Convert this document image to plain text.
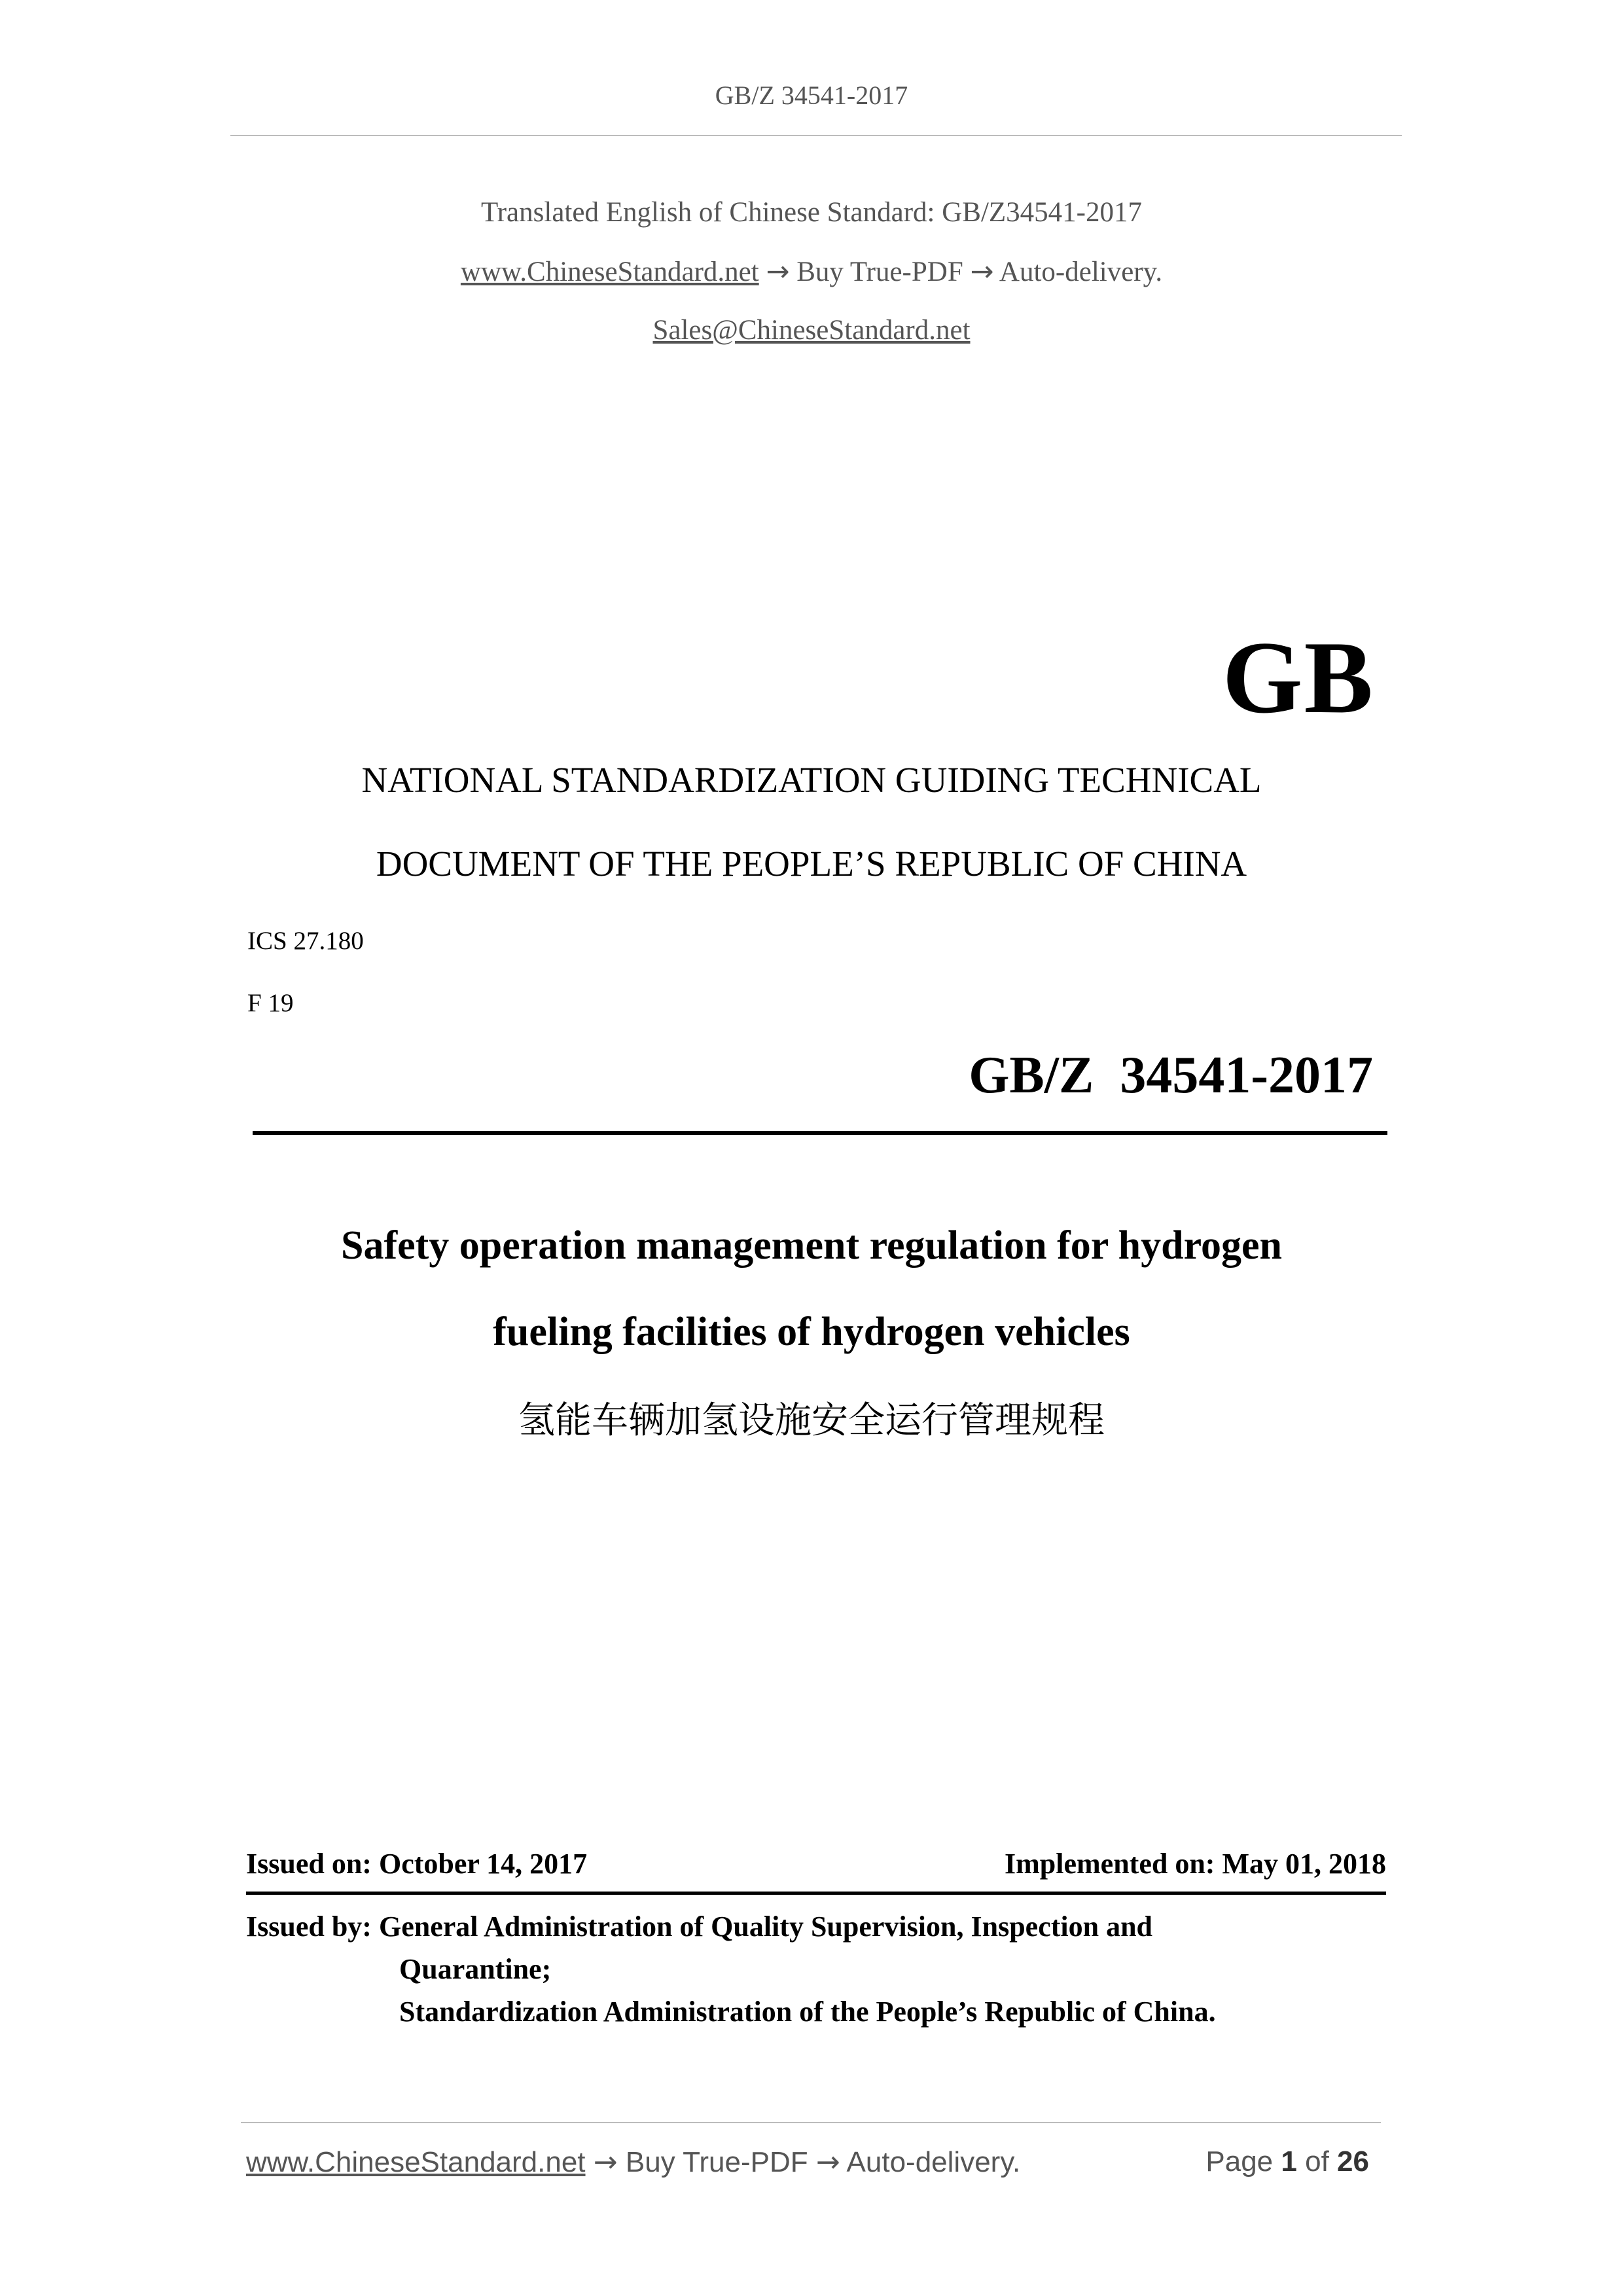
GB/Z 34541-2017
Translated English of Chinese Standard: GB/Z34541-2017
www.ChineseStandard.net → Buy True-PDF → Auto-delivery.
Sales@ChineseStandard.net
GB
NATIONAL STANDARDIZATION GUIDING TECHNICAL
DOCUMENT OF THE PEOPLE’S REPUBLIC OF CHINA
ICS 27.180
F 19
GB/Z  34541-2017
Safety operation management regulation for hydrogen
fueling facilities of hydrogen vehicles
氢能车辆加氢设施安全运行管理规程
Issued on: October 14, 2017	Implemented on: May 01, 2018
Issued by: General Administration of Quality Supervision, Inspection and
Quarantine;
Standardization Administration of the People’s Republic of China.
www.ChineseStandard.net → Buy True-PDF → Auto-delivery.	Page 1 of 26
